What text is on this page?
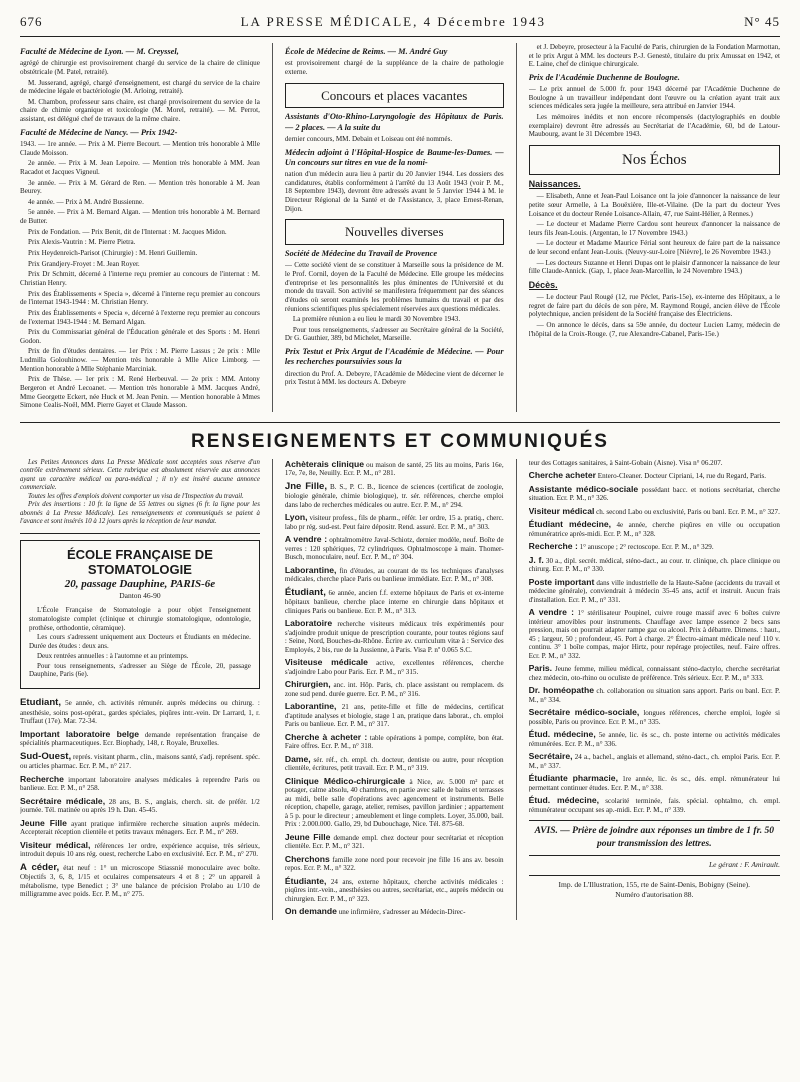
676	LA PRESSE MÉDICALE, 4 Décembre 1943	N° 45

Faculté de Médecine de Lyon. — M. Creyssel,

agrégé de chirurgie est provisoirement chargé du service de la chaire de clinique obstétricale (M. Patel, retraité).

M. Jusserand, agrégé, chargé d'enseignement, est chargé du service de la chaire de médecine légale et bactériologie (M. Arloing, retraité).

M. Chambon, professeur sans chaire, est chargé provisoirement du service de la chaire de chimie organique et toxicologie (M. Morel, retraité). — M. Perrot, assistant, est délégué chef de travaux de la même chaire.

Faculté de Médecine de Nancy. — Prix 1942-

1943. — 1re année. — Prix à M. Pierre Becourt. — Mention très honorable à Mlle Claude Moisson.

2e année. — Prix à M. Jean Lepoire. — Mention très honorable à MM. Jean Racadot et Jacques Vigneul.

3e année. — Prix à M. Gérard de Ren. — Mention très honorable à M. Jean Beurey.

4e année. — Prix à M. André Bussienne.

5e année. — Prix à M. Bernard Algan. — Mention très honorable à M. Bernard de Butter.

Prix de Fondation. — Prix Benit, dit de l'Internat : M. Jacques Midon.

Prix Alexis-Vautrin : M. Pierre Pietra.

Prix Heydenreich-Parisot (Chirurgie) : M. Henri Guillemin.

Prix Grandjery-Froyet : M. Jean Royer.

Prix Dr Schmitt, décerné à l'interne reçu premier au concours de l'internat : M. Christian Henry.

Prix des Établissements « Specia », décerné à l'interne reçu premier au concours de l'internat 1943-1944 : M. Christian Henry.

Prix des Établissements « Specia », décerné à l'externe reçu premier au concours de l'externat 1943-1944 : M. Bernard Algan.

Prix du Commissariat général de l'Éducation générale et des Sports : M. Henri Godon.

Prix de fin d'études dentaires. — 1er Prix : M. Pierre Lassus ; 2e prix : Mlle Ludmilla Golouhinow. — Mention très honorable à Mlle Alice Limborg. — Mention honorable à Mlle Stéphanie Marciniak.

Prix de Thèse. — 1er prix : M. René Herbeuval. — 2e prix : MM. Antony Bergeron et André Lecoanet. — Mention très honorable à MM. Jacques André, Mme Georgette Eckert, née Huck et M. Jean Penin. — Mention honorable à Mmes Simone Cealis-Noël, MM. Pierre Gayet et Claude Masson.

École de Médecine de Reims. — M. André Guy

est provisoirement chargé de la suppléance de la chaire de pathologie externe.

Concours et places vacantes

Assistants d'Oto-Rhino-Laryngologie des Hôpitaux de Paris. — 2 places. — A la suite du

dernier concours, MM. Debain et Loiseau ont été nommés.

Médecin adjoint à l'Hôpital-Hospice de Baume-les-Dames. — Un concours sur titres en vue de la nomi-

nation d'un médecin aura lieu à partir du 20 Janvier 1944. Les dossiers des candidatures, établis conformément à l'arrêté du 13 Août 1943 (voir P. M., 18 Septembre 1943), devront être adressés avant le 5 Janvier 1944 à M. le Directeur Régional de la Santé et de l'Assistance, 3, place Ernest-Renan, Dijon.

Nouvelles diverses

Société de Médecine du Travail de Provence

— Cette société vient de se constituer à Marseille sous la présidence de M. le Prof. Cornil, doyen de la Faculté de Médecine. Elle groupe les médecins d'entreprise et les personnalités les plus éminentes de l'Université et du monde du travail. Son activité se manifestera fréquemment par des séances d'études où seront examinés les problèmes humains du travail et par des réunions scientifiques plus spécialement réservées aux questions médicales.

La première réunion a eu lieu le mardi 30 Novembre 1943.

Pour tous renseignements, s'adresser au Secrétaire général de la Société, Dr G. Gauthier, 389, bd Michelet, Marseille.

Prix Testut et Prix Argut de l'Académie de Médecine. — Pour les recherches poursuivies sous la

direction du Prof. A. Debeyre, l'Académie de Médecine vient de décerner le prix Testut à MM. les docteurs A. Debeyre

et J. Debeyre, prosecteur à la Faculté de Paris, chirurgien de la Fondation Marmottan, et le prix Argut à MM. les docteurs P.-J. Genestè, titulaire du prix Amussat en 1942, et E. Laine, chef de clinique chirurgicale.

Prix de l'Académie Duchenne de Boulogne.

— Le prix annuel de 5.000 fr. pour 1943 décerné par l'Académie Duchenne de Boulogne à un travailleur indépendant dont l'œuvre ou la création ayant trait aux sciences médicales sera jugée la meilleure, sera attribué en Janvier 1944.

Les mémoires inédits et non encore récompensés (dactylographiés en double exemplaire) devront être adressés au Secrétariat de l'Académie, 60, bd de Latour-Maubourg, avant le 31 Décembre 1943.

Nos Échos
Naissances.

— Elisabeth, Anne et Jean-Paul Loisance ont la joie d'annoncer la naissance de leur petite sœur Armelle, à La Bouëxière, Ille-et-Vilaine. (De la part du docteur Yves Loisance et du docteur Renée Loisance-Allain, 47, rue Saint-Hélier, à Rennes.)

— Le docteur et Madame Pierre Cardou sont heureux d'annoncer la naissance de leurs fils Jean-Louis. (Argentan, le 17 Novembre 1943.)

— Le docteur et Madame Maurice Férial sont heureux de faire part de la naissance de leur second enfant Jean-Louis. (Neuvy-sur-Loire [Nièvre], le 26 Novembre 1943.)

— Les docteurs Suzanne et Henri Dupas ont le plaisir d'annoncer la naissance de leur fille Claude-Annick. (Gap, 1, place Jean-Marcellin, le 24 Novembre 1943.)

Décès.

— Le docteur Paul Rougé (12, rue Péclet, Paris-15e), ex-interne des Hôpitaux, a le regret de faire part du décès de son père, M. Raymond Rougé, ancien élève de l'École polytechnique, ancien président de la Société française des Électriciens.

— On annonce le décès, dans sa 59e année, du docteur Lucien Lamy, médecin de l'hôpital de la Croix-Rouge. (7, rue Alexandre-Cabanel, Paris-15e.)

RENSEIGNEMENTS ET COMMUNIQUÉS

Les Petites Annonces dans La Presse Médicale sont acceptées sous réserve d'un contrôle extrêmement sérieux. Cette rubrique est absolument réservée aux annonces ayant un caractère médical ou para-médical ; il n'y est inséré aucune annonce commerciale.

Toutes les offres d'emplois doivent comporter un visa de l'Inspection du travail.

Prix des insertions : 10 fr. la ligne de 55 lettres ou signes (6 fr. la ligne pour les abonnés à La Presse Médicale). Les renseignements et communiqués se paient à l'avance et sont insérés 10 à 12 jours après la réception de leur mandat.

ÉCOLE FRANÇAISE DE STOMATOLOGIE
20, passage Dauphine, PARIS-6e
Danton 46-90

L'École Française de Stomatologie a pour objet l'enseignement stomatologiste complet (clinique et chirurgie stomatologique, odontologie, prothèse, orthodontie, céramique).

Les cours s'adressent uniquement aux Docteurs et Étudiants en médecine. Durée des études : deux ans.

Deux rentrées annuelles : à l'automne et au printemps.

Pour tous renseignements, s'adresser au Siège de l'École, 20, passage Dauphine, Paris (6e).

Etudiant, 5e année, ch. activités rémunér. auprès médecins ou chirurg. : anesthésie, soins post-opérat., gardes spéciales, piqûres intr.-vein. Dr Larrard, 1, r. Truffaut (17e). Mar. 72-34.
Important laboratoire belge demande représentation française de spécialités pharmaceutiques. Ecr. Biophady, 148, r. Royale, Bruxelles.
Sud-Ouest, représ. visitant pharm., clin., maisons santé, s'adj. représent. spéc. ou articles pharmac. Ecr. P. M., n° 217.
Recherche important laboratoire analyses médicales à reprendre Paris ou banlieue. Ecr. P. M., n° 258.
Secrétaire médicale, 28 ans, B. S., anglais, cherch. sit. de préfér. 1/2 journée. Tél. matinée ou après 19 h. Dan. 45-45.
Jeune Fille ayant pratique infirmière recherche situation auprès médecin. Accepterait réception clientèle et petits travaux ménagers. Ecr. P. M., n° 269.
Visiteur médical, références 1er ordre, expérience acquise, très sérieux, introduit depuis 10 ans rég. ouest, recherche Labo en exclusivité. Ecr. P. M., n° 270.
A céder, état neuf : 1° un microscope Stiassnié monoculaire avec boîte. Objectifs 3, 6, 8, 1/15 et oculaires compensateurs 4 et 8 ; 2° un appareil à métabolisme, type Benedict ; 3° une balance de précision Prolabo au 1/10 de milligramme avec poids. Ecr. P. M., n° 275.
Achèterais clinique ou maison de santé, 25 lits au moins, Paris 16e, 17e, 7e, 8e, Neuilly. Ecr. P. M., n° 281.
Jne Fille, B. S., P. C. B., licence de sciences (certificat de zoologie, biologie générale, chimie biologique), tr. sér. références, cherche emploi dans labo de recherches médicales ou autre. Ecr. P. M., n° 294.
Lyon, visiteur profess., fils de pharm., référ. 1er ordre, 15 a. pratiq., cherc. labo pr rég. sud-est. Peut faire dépositr. Rend. assuré. Ecr. P. M., n° 303.
A vendre : ophtalmomètre Javal-Schiotz, dernier modèle, neuf. Boîte de verres : 120 sphériques, 72 cylindriques. Ophtalmoscope à main. Thomer-Busch, monoculaire, neuf. Ecr. P. M., n° 304.
Laborantine, fin d'études, au courant de tts les techniques d'analyses médicales, cherche place Paris ou banlieue immédiate. Ecr. P. M., n° 308.
Étudiant, 6e année, ancien f.f. externe hôpitaux de Paris et ex-interne hôpitaux banlieue, cherche place interne en chirurgie dans hôpitaux et cliniques Paris ou banlieue. Ecr. P. M., n° 313.
Laboratoire recherche visiteurs médicaux très expérimentés pour s'adjoindre produit unique de prescription courante, pour toutes régions sauf : Seine, Nord, Bouches-du-Rhône. Écrire av. curriculum vitæ à : Service des Employés, 2 bis, rue de la Jussienne, à Paris. Visa P. nº 0.065 S.C.
Visiteuse médicale active, excellentes références, cherche s'adjoindre Labo pour Paris. Ecr. P. M., n° 315.
Chirurgien, anc. int. Hôp. Paris, ch. place assistant ou remplacem. ds zone sud pend. durée guerre. Ecr. P. M., n° 316.
Laborantine, 21 ans, petite-fille et fille de médecins, certificat d'aptitude analyses et biologie, stage 1 an, pratique dans laborat., ch. emploi Paris ou banlieue. Ecr. P. M., n° 317.
Cherche à acheter : table opérations à pompe, complète, bon état. Faire offres. Ecr. P. M., n° 318.
Dame, sér. réf., ch. empl. ch. docteur, dentiste ou autre, pour réception clientèle, écritures, petit travail. Ecr. P. M., n° 319.
Clinique Médico-chirurgicale à Nice, av. 5.000 m² parc et potager, calme absolu, 40 chambres, en partie avec salle de bains et terrasses au midi, belle salle d'opérations avec agencement et instruments. Belle réception, chapelle, garage, atelier, remises, pavillon jardinier ; appartement à 5 p. pour le directeur ; ameublement et linge complets. Loyer, 35.000, bail. Prix : 2.000.000. Gallo, 29, bd Dubouchage, Nice. Tél. 875-68.
Jeune Fille demande empl. chez docteur pour secrétariat et réception clientèle. Ecr. P. M., n° 321.
Cherchons famille zone nord pour recevoir jne fille 16 ans av. besoin repos. Ecr. P. M., n° 322.
Étudiante, 24 ans, externe hôpitaux, cherche activités médicales : piqûres intr.-vein., anesthésies ou autres, secrétariat, etc., auprès médecin ou chirurgien. Ecr. P. M., n° 323.
On demande une infirmière, s'adresser au Médecin-Direc-
teur des Cottages sanitaires, à Saint-Gobain (Aisne). Visa n° 06.207.
Cherche acheter Entero-Cleaner. Docteur Cipriani, 14, rue du Regard, Paris.
Assistante médico-sociale possédant bacc. et notions secrétariat, cherche situation. Ecr. P. M., n° 326.
Visiteur médical ch. second Labo ou exclusivité, Paris ou banl. Ecr. P. M., n° 327.
Étudiant médecine, 4e année, cherche piqûres en ville ou occupation rémunératrice après-midi. Ecr. P. M., n° 328.
Recherche : 1° anuscope ; 2° rectoscope. Ecr. P. M., n° 329.
J. f. 30 a., dipl. secrét. médical, sténo-dact., au cour. tr. clinique, ch. place clinique ou chirurg. Ecr. P. M., n° 330.
Poste important dans ville industrielle de la Haute-Saône (accidents du travail et médecine générale), conviendrait à médecin 35-45 ans, actif et instruit. Aucun frais d'installation. Ecr. P. M., n° 331.
A vendre : 1° stérilisateur Poupinel, cuivre rouge massif avec 6 boîtes cuivre intérieur amovibles pour instruments. Chauffage avec lampe essence 2 becs sans pression, mais on pourrait adapter rampe gaz ou alcool. Prix à débattre. Dimens. : haut., 45 ; largeur, 50 ; profondeur, 45. Port à charge. 2° Électro-aimant médicale neuf 110 v. continu. 3° 1 boîte compas, major Hirtz, pour repérage projectiles, neuf. Faire offres. Ecr. P. M., n° 332.
Paris. Jeune femme, milieu médical, connaissant sténo-dactylo, cherche secrétariat chez médecin, oto-rhino ou oculiste de préférence. Très sérieux. Ecr. P. M., n° 333.
Dr. homéopathe ch. collaboration ou situation sans apport. Paris ou banl. Ecr. P. M., n° 334.
Secrétaire médico-sociale, longues références, cherche emploi, logée si possible, Paris ou province. Ecr. P. M., n° 335.
Étud. médecine, 5e année, lic. ès sc., ch. poste interne ou activités médicales rémunérées. Ecr. P. M., n° 336.
Secrétaire, 24 a., bachel., anglais et allemand, sténo-dact., ch. emploi Paris. Ecr. P. M., n° 337.
Étudiante pharmacie, 1re année, lic. ès sc., dés. empl. rémunérateur lui permettant continuer études. Ecr. P. M., n° 338.
Étud. médecine, scolarité terminée, fais. spécial. ophtalmo, ch. empl. rémunérateur occupant ses ap.-midi. Ecr. P. M., n° 339.
AVIS. — Prière de joindre aux réponses un timbre de 1 fr. 50 pour transmission des lettres.
Le gérant : F. Amirault.
Imp. de L'Illustration, 155, rte de Saint-Denis, Bobigny (Seine).
Numéro d'autorisation 88.
